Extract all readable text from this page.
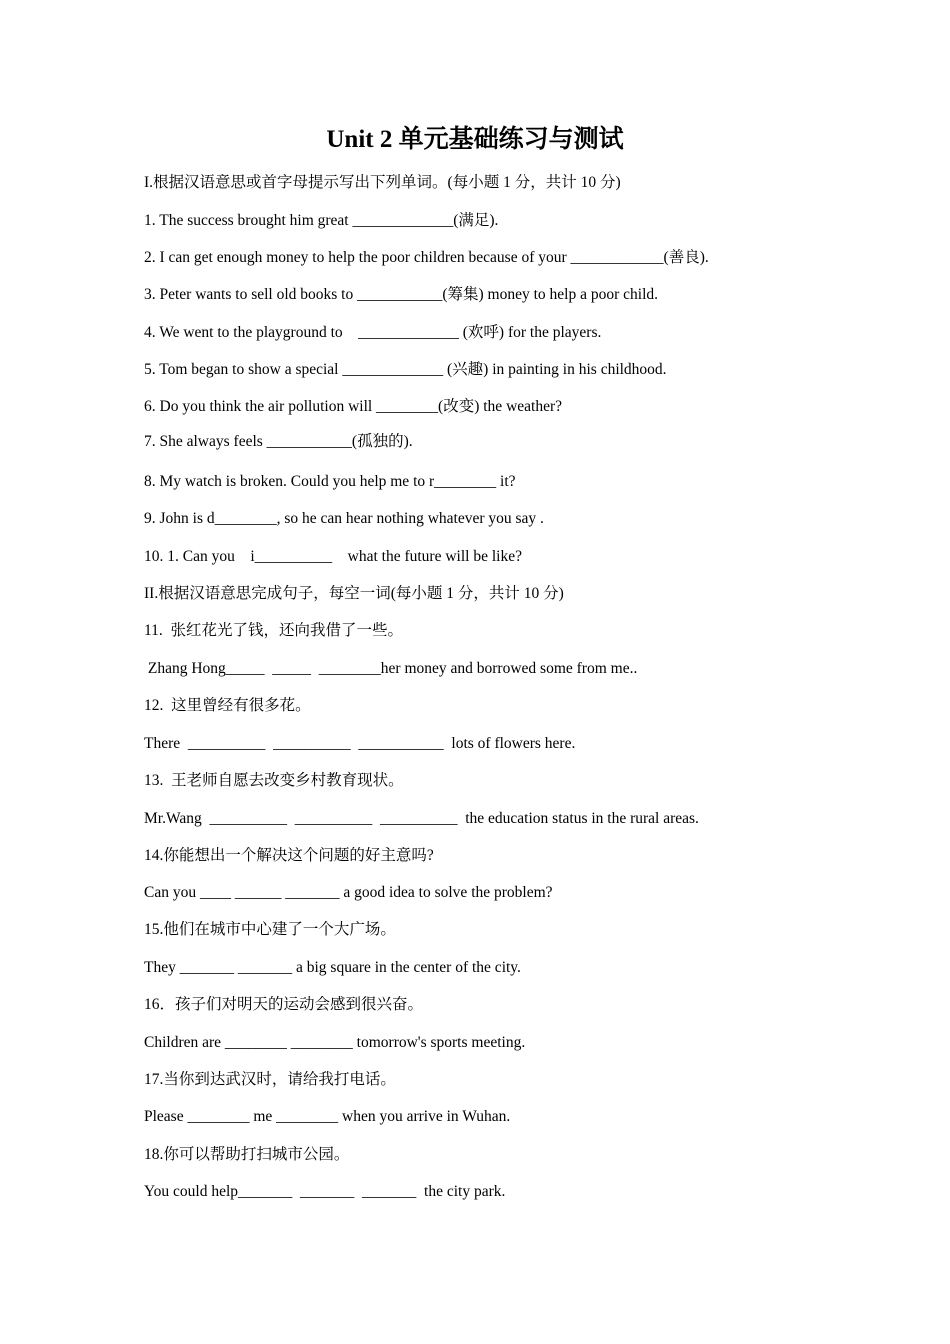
Unit 2 单元基础练习与测试
I.根据汉语意思或首字母提示写出下列单词。(每小题 1 分，共计 10 分)
1. The success brought him great _____________(满足).
2. I can get enough money to help the poor children because of your ____________(善良).
3. Peter wants to sell old books to ___________(筹集) money to help a poor child.
4. We went to the playground to    _____________ (欢呼) for the players.
5. Tom began to show a special _____________ (兴趣) in painting in his childhood.
6. Do you think the air pollution will ________(改变) the weather?
7. She always feels ___________(孤独的).
8. My watch is broken. Could you help me to r________ it?
9. John is d________, so he can hear nothing whatever you say .
10. 1. Can you    i__________    what the future will be like?
II.根据汉语意思完成句子，每空一词(每小题 1 分，共计 10 分)
11.  张红花光了钱，还向我借了一些。
Zhang Hong_____  _____  ________her money and borrowed some from me..
12.  这里曾经有很多花。
There  __________  __________  ___________  lots of flowers here.
13.  王老师自愿去改变乡村教育现状。
Mr.Wang  __________  __________  __________  the education status in the rural areas.
14.你能想出一个解决这个问题的好主意吗?
Can you ____ ______ _______ a good idea to solve the problem?
15.他们在城市中心建了一个大广场。
They _______ _______ a big square in the center of the city.
16．孩子们对明天的运动会感到很兴奋。
Children are ________ ________ tomorrow's sports meeting.
17.当你到达武汉时，请给我打电话。
Please ________ me ________ when you arrive in Wuhan.
18.你可以帮助打扫城市公园。
You could help_______  _______  _______  the city park.
